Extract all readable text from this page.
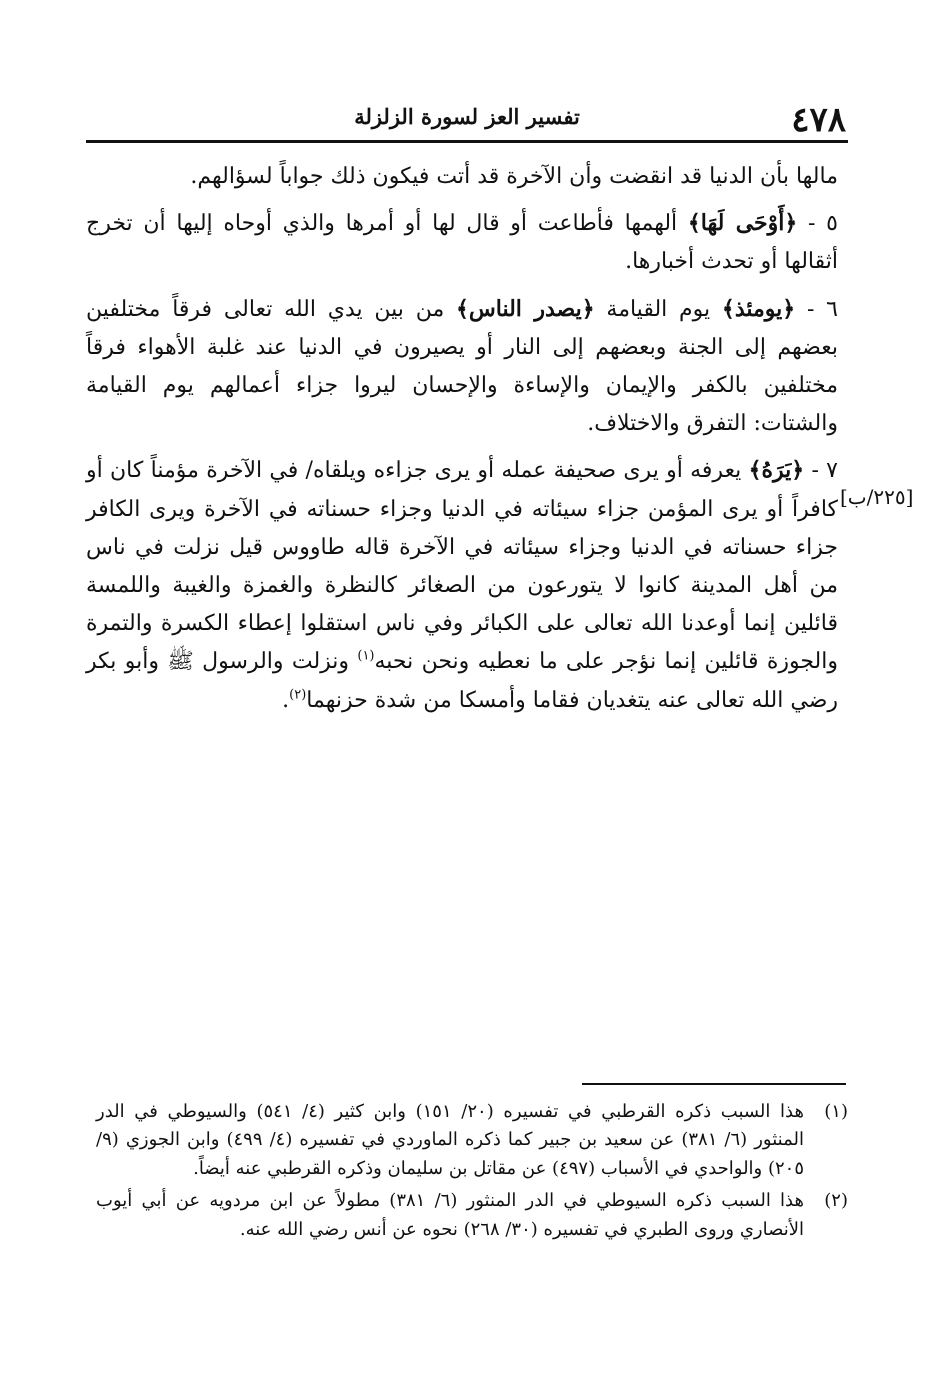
٤٧٨
تفسير العز لسورة الزلزلة
[٢٢٥/ب]

مالها بأن الدنيا قد انقضت وأن الآخرة قد أتت فيكون ذلك جواباً لسؤالهم.

٥ - ﴿أَوْحَى لَهَا﴾ ألهمها فأطاعت أو قال لها أو أمرها والذي أوحاه إليها أن تخرج أثقالها أو تحدث أخبارها.

٦ - ﴿يومئذ﴾ يوم القيامة ﴿يصدر الناس﴾ من بين يدي الله تعالى فرقاً مختلفين بعضهم إلى الجنة وبعضهم إلى النار أو يصيرون في الدنيا عند غلبة الأهواء فرقاً مختلفين بالكفر والإيمان والإساءة والإحسان ليروا جزاء أعمالهم يوم القيامة والشتات: التفرق والاختلاف.

٧ - ﴿يَرَهُ﴾ يعرفه أو يرى صحيفة عمله أو يرى جزاءه ويلقاه/ في الآخرة مؤمناً كان أو كافراً أو يرى المؤمن جزاء سيئاته في الدنيا وجزاء حسناته في الآخرة ويرى الكافر جزاء حسناته في الدنيا وجزاء سيئاته في الآخرة قاله طاووس قيل نزلت في ناس من أهل المدينة كانوا لا يتورعون من الصغائر كالنظرة والغمزة والغيبة واللمسة قائلين إنما أوعدنا الله تعالى على الكبائر وفي ناس استقلوا إعطاء الكسرة والتمرة والجوزة قائلين إنما نؤجر على ما نعطيه ونحن نحبه$^{(١)}$ ونزلت والرسول ﷺ وأبو بكر رضي الله تعالى عنه يتغديان فقاما وأمسكا من شدة حزنهما$^{(٢)}$.

(١)
هذا السبب ذكره القرطبي في تفسيره (٢٠/ ١٥١) وابن كثير (٤/ ٥٤١) والسيوطي في الدر المنثور (٦/ ٣٨١) عن سعيد بن جبير كما ذكره الماوردي في تفسيره (٤/ ٤٩٩) وابن الجوزي (٩/ ٢٠٥) والواحدي في الأسباب (٤٩٧) عن مقاتل بن سليمان وذكره القرطبي عنه أيضاً.
(٢)
هذا السبب ذكره السيوطي في الدر المنثور (٦/ ٣٨١) مطولاً عن ابن مردويه عن أبي أيوب الأنصاري وروى الطبري في تفسيره (٣٠/ ٢٦٨) نحوه عن أنس رضي الله عنه.
